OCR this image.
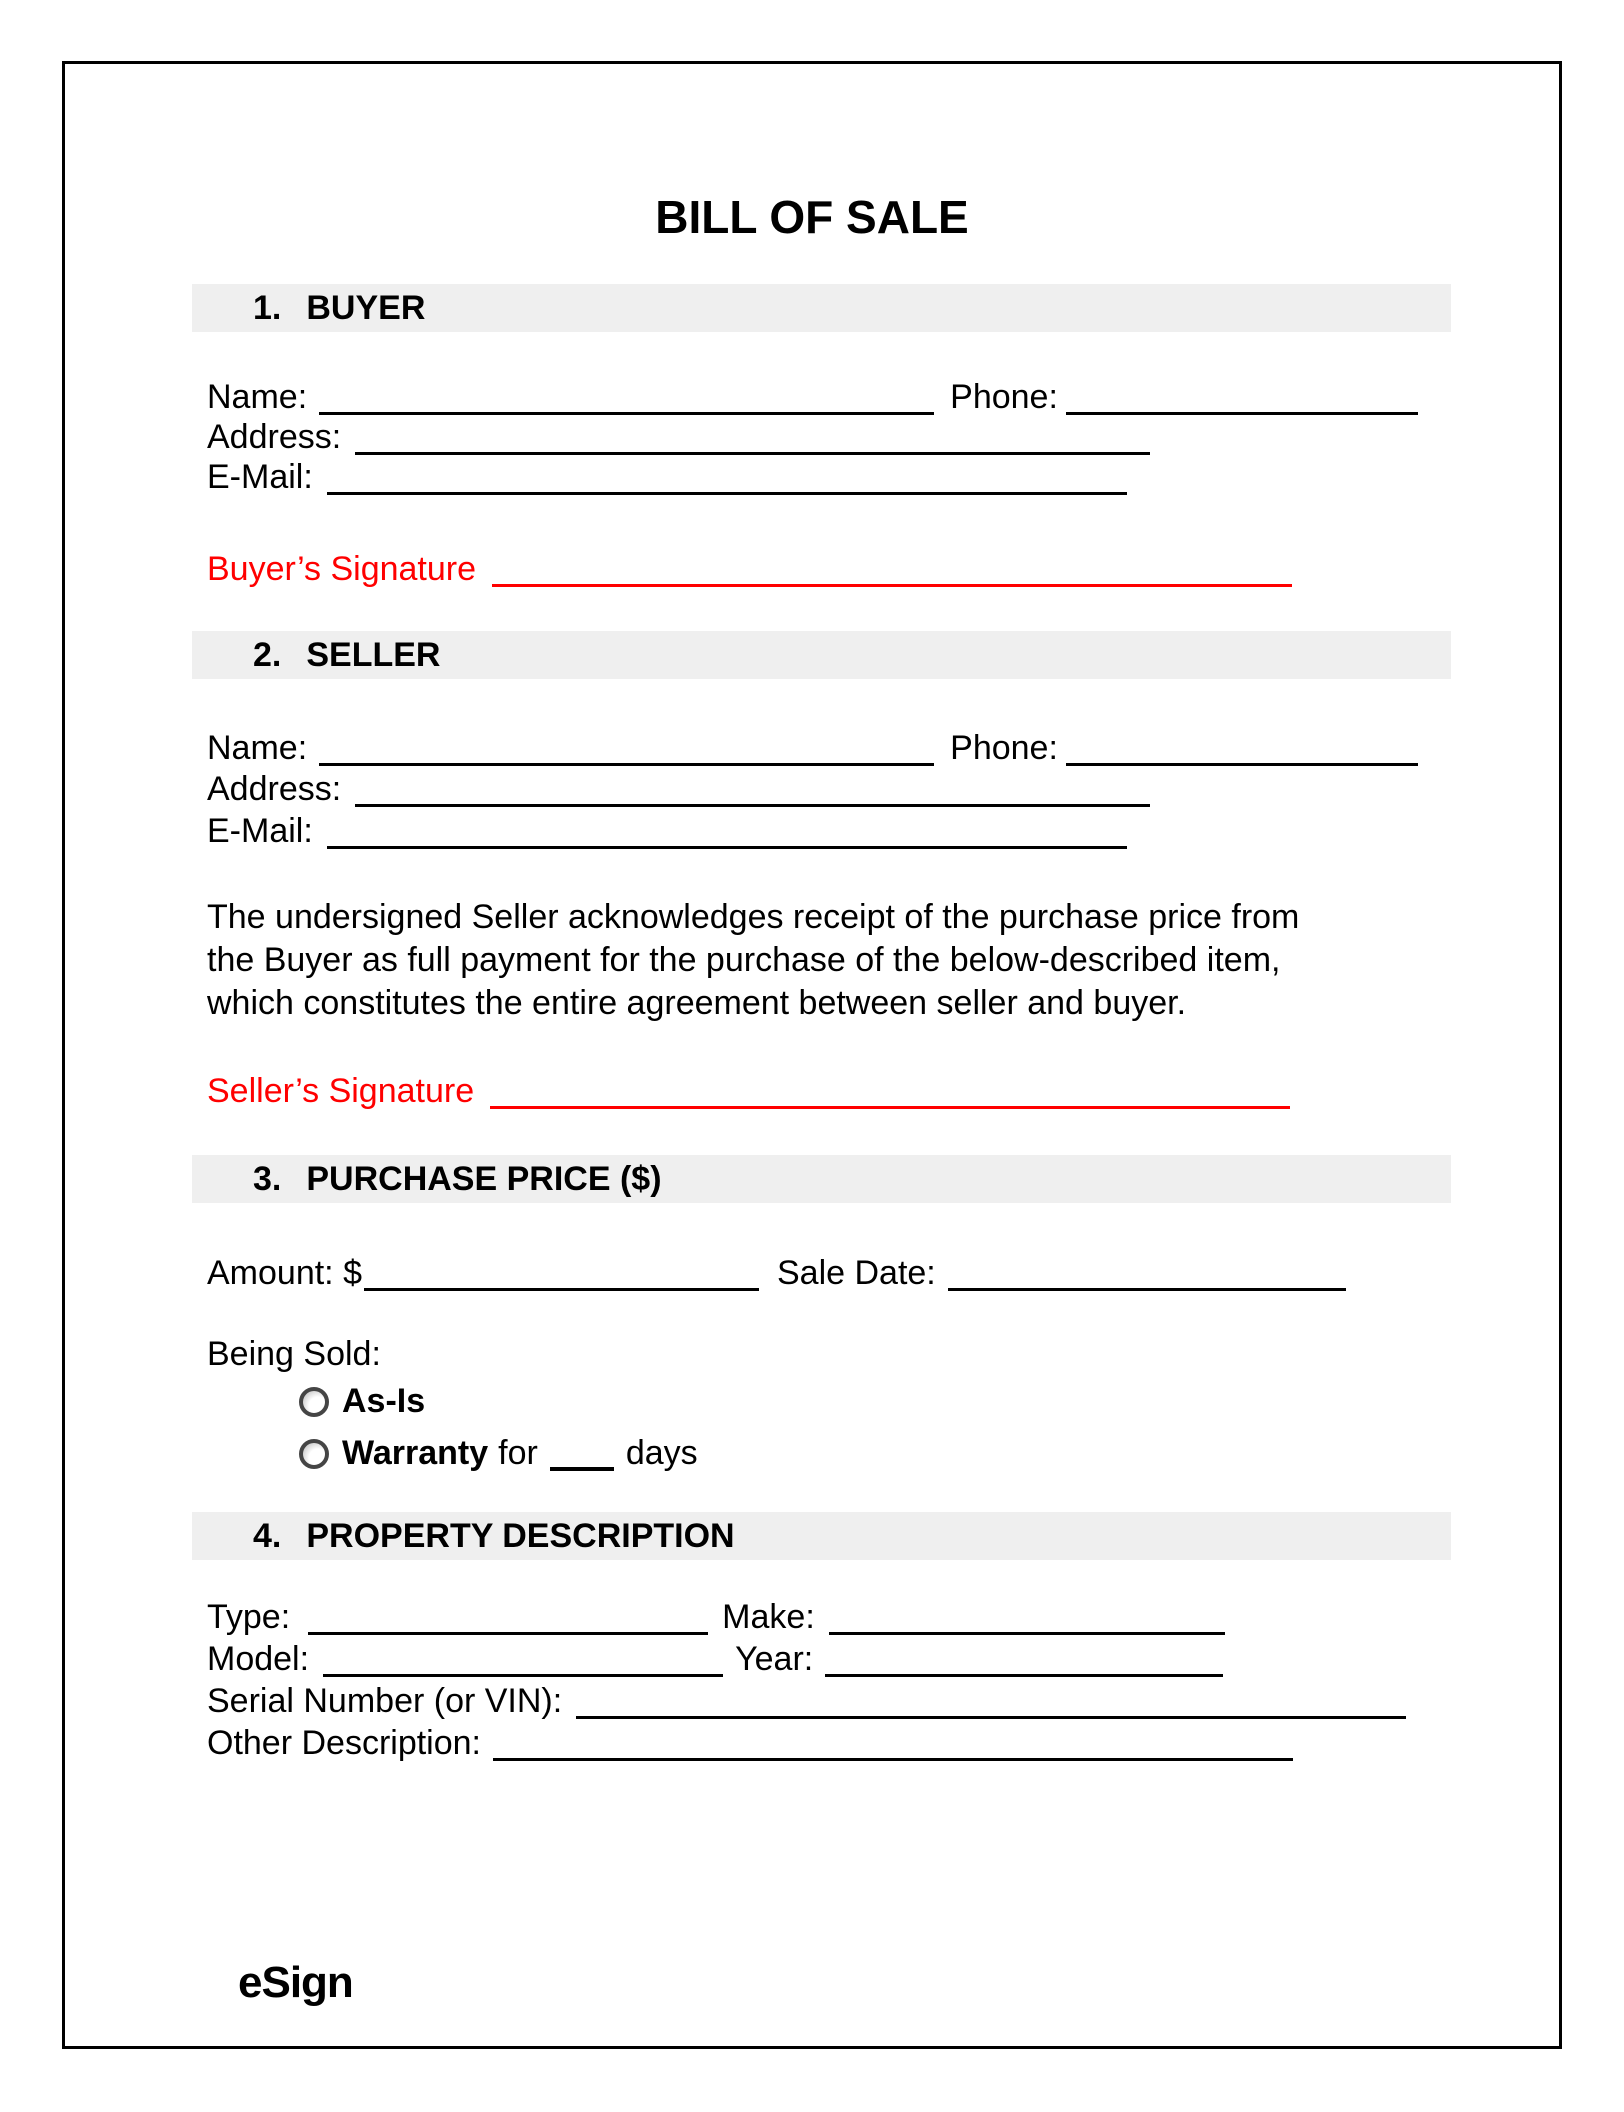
BILL OF SALE
1. BUYER
Name:	Phone:
Address:
E-Mail:
Buyer’s Signature
2. SELLER
Name:	Phone:
Address:
E-Mail:
The undersigned Seller acknowledges receipt of the purchase price from
the Buyer as full payment for the purchase of the below-described item,
which constitutes the entire agreement between seller and buyer.
Seller’s Signature
3. PURCHASE PRICE ($)
Amount: $	Sale Date:
Being Sold:
As-Is
Warranty for	days
4. PROPERTY DESCRIPTION
Type:	Make:
Model:	Year:
Serial Number (or VIN):
Other Description:
eSign
